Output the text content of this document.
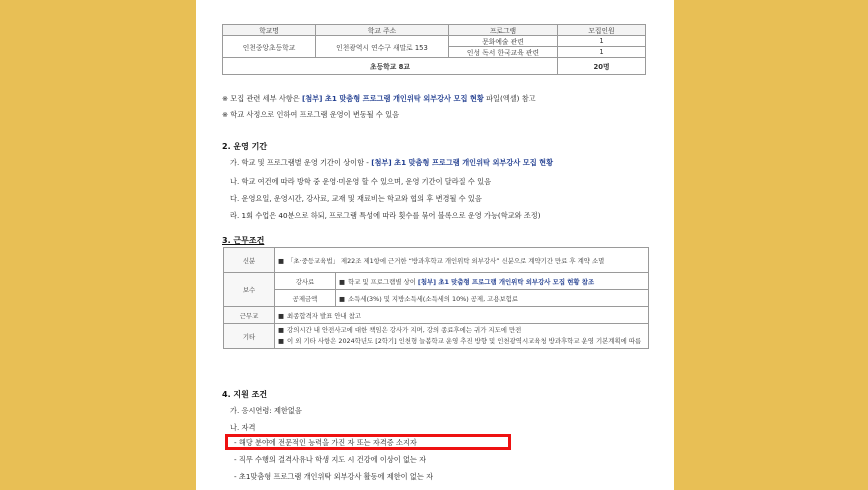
학교명	학교 주소	프로그램	모집인원
인천중앙초등학교	인천광역시 연수구 새말로 153	문화예술 관련	1
		인성 독서 한국교육 관련	1
초등학교 8교			20명
※ 모집 관련 세부 사항은 [첨부] 초1 맞춤형 프로그램 개인위탁 외부강사 모집 현황 파일(엑셀) 참고
※ 학교 사정으로 인하여 프로그램 운영이 변동될 수 있음
2. 운영 기간
가. 학교 및 프로그램별 운영 기간이 상이함 - [첨부] 초1 맞춤형 프로그램 개인위탁 외부강사 모집 현황
나. 학교 여건에 따라 방학 중 운영·미운영 할 수 있으며, 운영 기간이 달라질 수 있음
다. 운영요일, 운영시간, 강사료, 교재 및 재료비는 학교와 협의 후 변경될 수 있음
라. 1회 수업은 40분으로 하되, 프로그램 특성에 따라 횟수를 묶어 블록으로 운영 가능(학교와 조정)
3. 근무조건
신분	■ 「초·중등교육법」 제22조 제1항에 근거한 “방과후학교 개인위탁 외부강사” 신분으로 계약기간 만료 후 계약 소멸	
보수	강사료	■ 학교 및 프로그램별 상이 [첨부] 초1 맞춤형 프로그램 개인위탁 외부강사 모집 현황 참조
	공제금액	■ 소득세(3%) 및 지방소득세(소득세의 10%) 공제, 고용보험료
근무교	■ 최종합격자 발표 안내 참고	
기타	■ 강의시간 내 안전사고에 대한 책임은 강사가 지며, 강의 종료후에는 귀가 지도에 만전
■ 이 외 기타 사항은 2024학년도 [2학기] 인천형 늘봄학교 운영 추진 방향 및 인천광역시교육청 방과후학교 운영 기본계획에 따름	
4. 지원 조건
가. 응시연령: 제한없음
나. 자격
- 해당 분야에 전문적인 능력을 가진 자 또는 자격증 소지자
- 직무 수행의 결격사유나 학생 지도 시 건강에 이상이 없는 자
- 초1맞춤형 프로그램 개인위탁 외부강사 활동에 제한이 없는 자
